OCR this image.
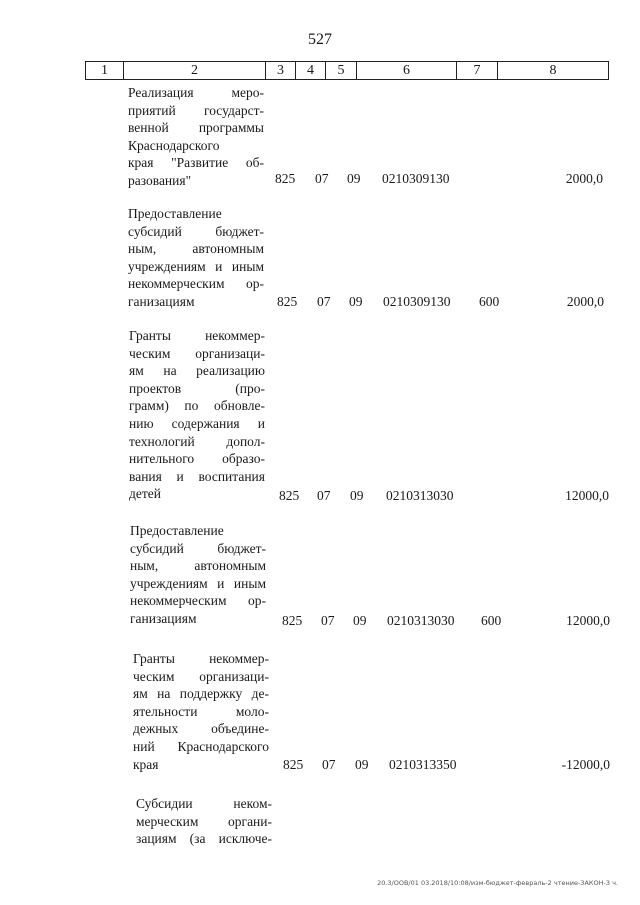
527
1	2	3	4	5	6	7	8
Реализация меро-
приятий государст-
венной программы
Краснодарского
края "Развитие об-
разования"	825 07 09 0210309130	2000,0
Предоставление
субсидий бюджет-
ным, автономным
учреждениям и иным
некоммерческим ор-
ганизациям	825 07 09 0210309130 600	2000,0
Гранты некоммер-
ческим организаци-
ям на реализацию
проектов (про-
грамм) по обновле-
нию содержания и
технологий допол-
нительного образо-
вания и воспитания
детей	825 07 09 0210313030	12000,0
Предоставление
субсидий бюджет-
ным, автономным
учреждениям и иным
некоммерческим ор-
ганизациям	825 07 09 0210313030 600	12000,0
Гранты некоммер-
ческим организаци-
ям на поддержку де-
ятельности моло-
дежных объедине-
ний Краснодарского
края	825 07 09 0210313350	-12000,0
Субсидии неком-
мерческим органи-
зациям (за исключе-
20.3/ООВ/01 03.2018/10:08/изм-бюджет-февраль-2 чтение-ЗАКОН-3 ч.
